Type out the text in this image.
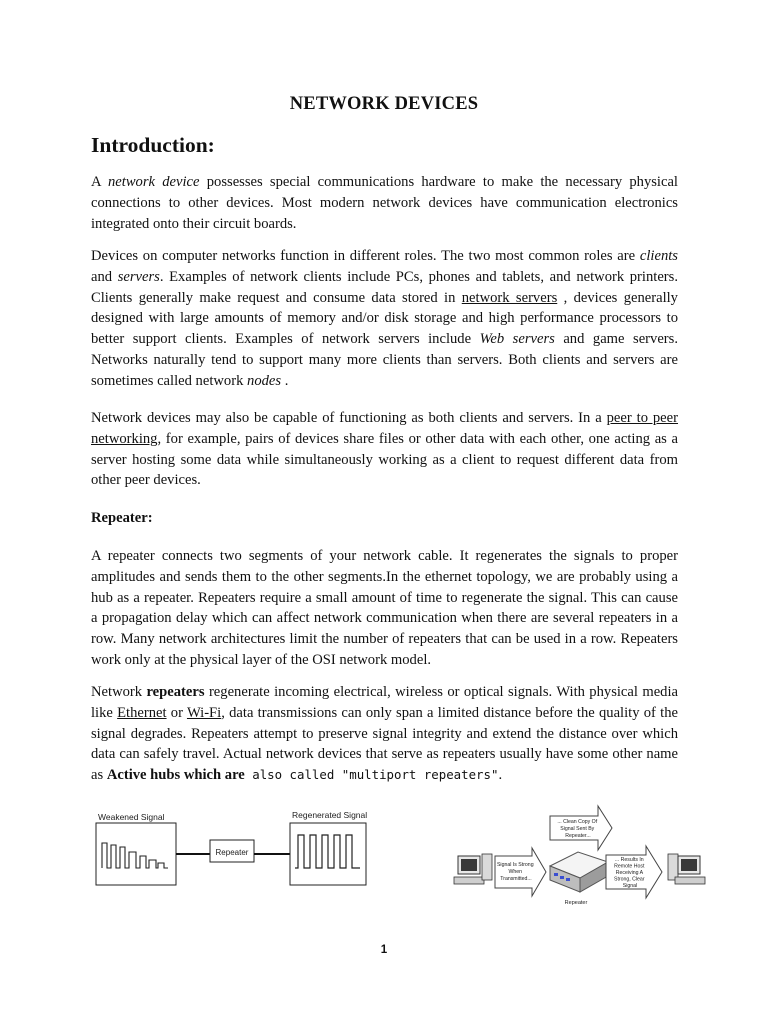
NETWORK DEVICES
Introduction:
A network device possesses special communications hardware to make the necessary physical connections to other devices. Most modern network devices have communication electronics integrated onto their circuit boards.
Devices on computer networks function in different roles. The two most common roles are clients and servers. Examples of network clients include PCs, phones and tablets, and network printers. Clients generally make request and consume data stored in network servers , devices generally designed with large amounts of memory and/or disk storage and high performance processors to better support clients. Examples of network servers include Web servers and game servers. Networks naturally tend to support many more clients than servers. Both clients and servers are sometimes called network nodes .
Network devices may also be capable of functioning as both clients and servers. In a peer to peer networking, for example, pairs of devices share files or other data with each other, one acting as a server hosting some data while simultaneously working as a client to request different data from other peer devices.
Repeater:
A repeater connects two segments of your network cable. It regenerates the signals to proper amplitudes and sends them to the other segments.In the ethernet topology, we are probably using a hub as a repeater. Repeaters require a small amount of time to regenerate the signal. This can cause a propagation delay which can affect network communication when there are several repeaters in a row. Many network architectures limit the number of repeaters that can be used in a row. Repeaters work only at the physical layer of the OSI network model.
Network repeaters regenerate incoming electrical, wireless or optical signals. With physical media like Ethernet or Wi-Fi, data transmissions can only span a limited distance before the quality of the signal degrades. Repeaters attempt to preserve signal integrity and extend the distance over which data can safely travel. Actual network devices that serve as repeaters usually have some other name as Active hubs which are also called "multiport repeaters".
Weakened Signal
Repeater
Regenerated Signal
Signal Is Strong When Transmitted...
Repeater
... Clean Copy Of Signal Sent By Repeater...
... Results In Remote Host Receiving A Strong, Clear Signal
1
